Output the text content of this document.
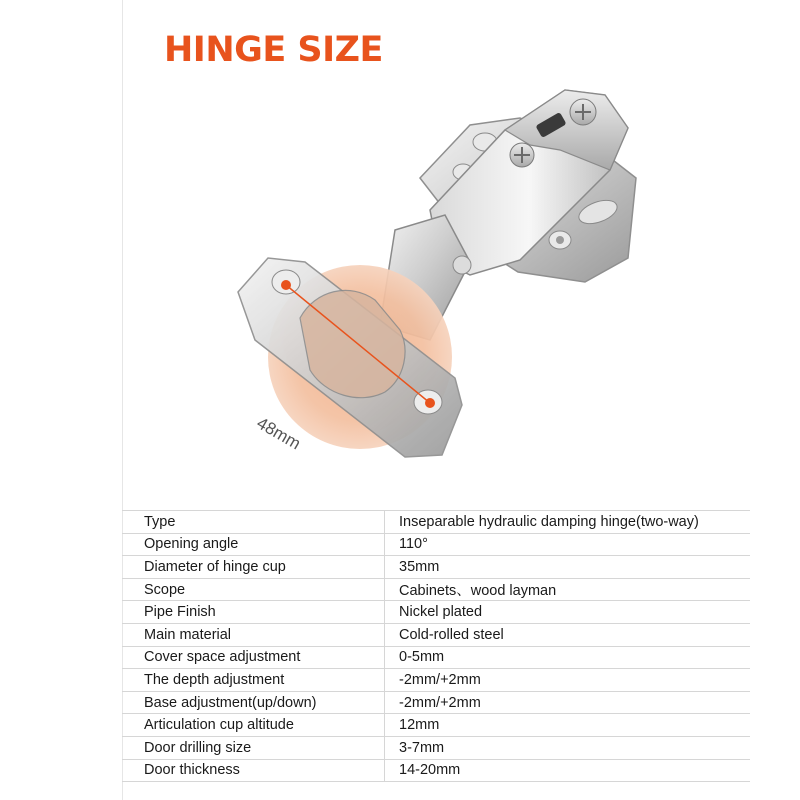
HINGE SIZE
48mm
Type	Inseparable hydraulic damping hinge(two-way)
Opening angle	110°
Diameter of hinge cup	35mm
Scope	Cabinets、wood layman
Pipe Finish	Nickel plated
Main material	Cold-rolled steel
Cover space adjustment	0-5mm
The depth adjustment	-2mm/+2mm
Base adjustment(up/down)	-2mm/+2mm
Articulation cup altitude	12mm
Door drilling size	3-7mm
Door thickness	14-20mm
